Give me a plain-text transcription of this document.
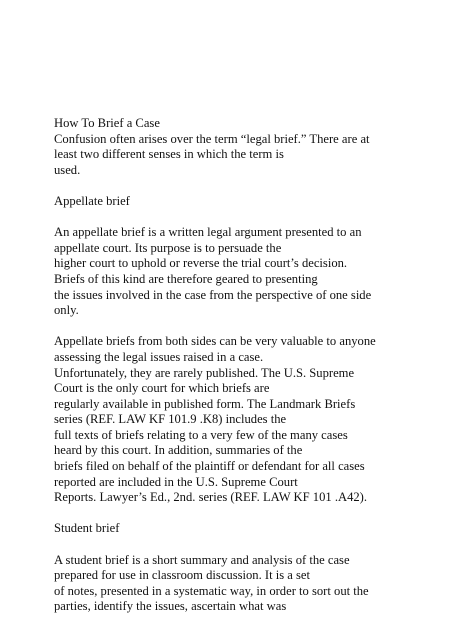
How To Brief a Case
Confusion often arises over the term “legal brief.” There are at
least two different senses in which the term is
used.
Appellate brief
An appellate brief is a written legal argument presented to an
appellate court. Its purpose is to persuade the
higher court to uphold or reverse the trial court’s decision.
Briefs of this kind are therefore geared to presenting
the issues involved in the case from the perspective of one side
only.
Appellate briefs from both sides can be very valuable to anyone
assessing the legal issues raised in a case.
Unfortunately, they are rarely published. The U.S. Supreme
Court is the only court for which briefs are
regularly available in published form. The Landmark Briefs
series (REF. LAW KF 101.9 .K8) includes the
full texts of briefs relating to a very few of the many cases
heard by this court. In addition, summaries of the
briefs filed on behalf of the plaintiff or defendant for all cases
reported are included in the U.S. Supreme Court
Reports. Lawyer’s Ed., 2nd. series (REF. LAW KF 101 .A42).
Student brief
A student brief is a short summary and analysis of the case
prepared for use in classroom discussion. It is a set
of notes, presented in a systematic way, in order to sort out the
parties, identify the issues, ascertain what was
